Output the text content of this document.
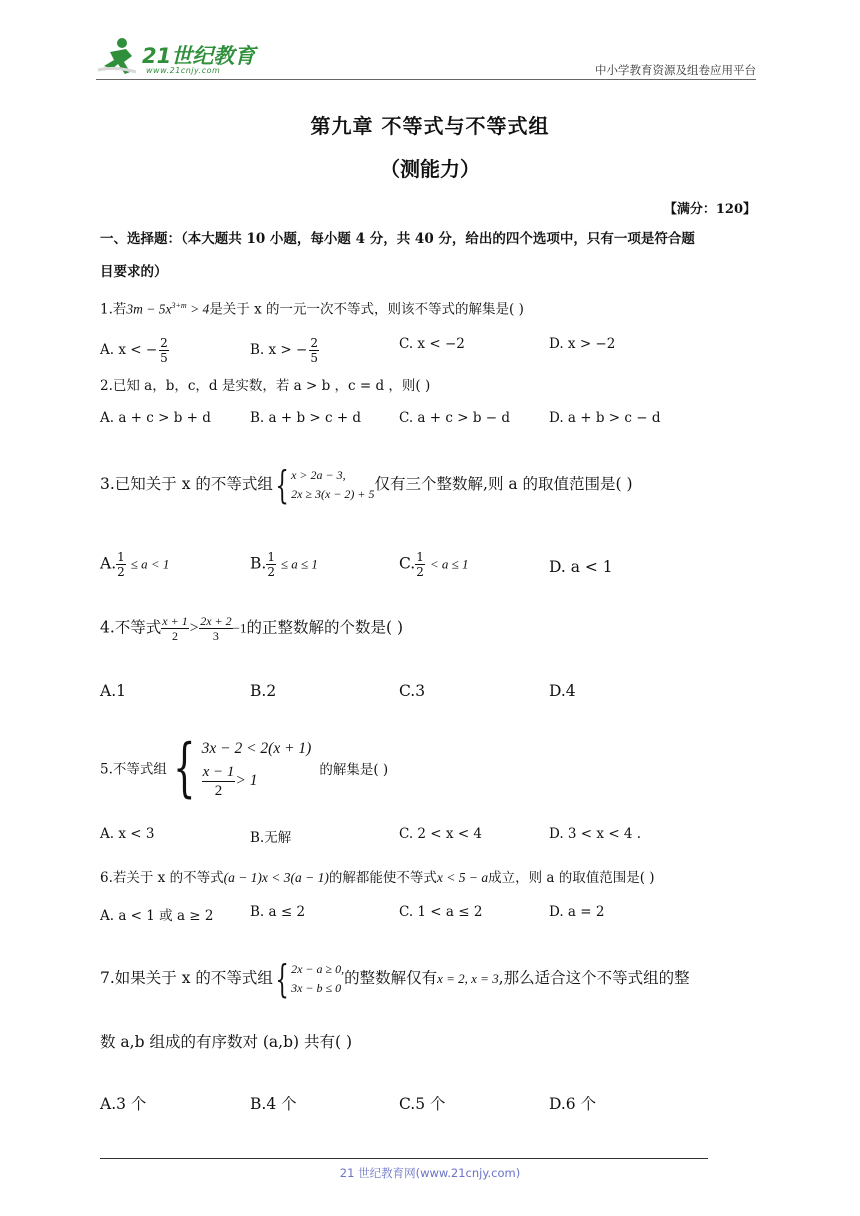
21世纪教育
www.21cnjy.com	中小学教育资源及组卷应用平台
第九章 不等式与不等式组
（测能力）
【满分：120】
一、选择题：（本大题共 10 小题，每小题 4 分，共 40 分，给出的四个选项中，只有一项是符合题
目要求的）
1.若$3m - 5x^{3+m} > 4$是关于 x 的一元一次不等式，则该不等式的解集是( )
A. x < − $\frac{2}{5}$	B. x > − $\frac{2}{5}$	C. x < −2	D. x > −2
2.已知 a，b，c，d 是实数，若 a > b ，c = d ，则( )
A. a + c > b + d	B. a + b > c + d	C. a + c > b − d	D. a + b > c − d
3.已知关于 x 的不等式组{ x > 2a − 3,
2x ≥ 3(x − 2) + 5
仅有三个整数解,则 a 的取值范围是( )
A. $\frac{1}{2} \le a < 1$	B. $\frac{1}{2} \le a \le 1$	C. $\frac{1}{2} < a \le 1$	D. a < 1
4.不等式 $\frac{x + 1}{2} > \frac{2x + 2}{3} -1$的正整数解的个数是( )
A.1	B.2	C.3	D.4
5.不等式组{ 3x − 2 < 2(x + 1)
$\frac{x - 1}{2} > 1$
的解集是( )
A. x < 3	B.无解	C. 2 < x < 4	D. 3 < x < 4 .
6.若关于 x 的不等式(a − 1)x < 3(a − 1)的解都能使不等式x < 5 − a成立，则 a 的取值范围是( )
A. a < 1 或 a ≥ 2	B. a ≤ 2	C. 1 < a ≤ 2	D. a = 2
7.如果关于 x 的不等式组{ 2x − a ≥ 0,
3x − b ≤ 0
的整数解仅有x = 2, x = 3,那么适合这个不等式组的整
数 a,b 组成的有序数对 (a,b) 共有( )
A.3 个	B.4 个	C.5 个	D.6 个
21 世纪教育网(www.21cnjy.com)
